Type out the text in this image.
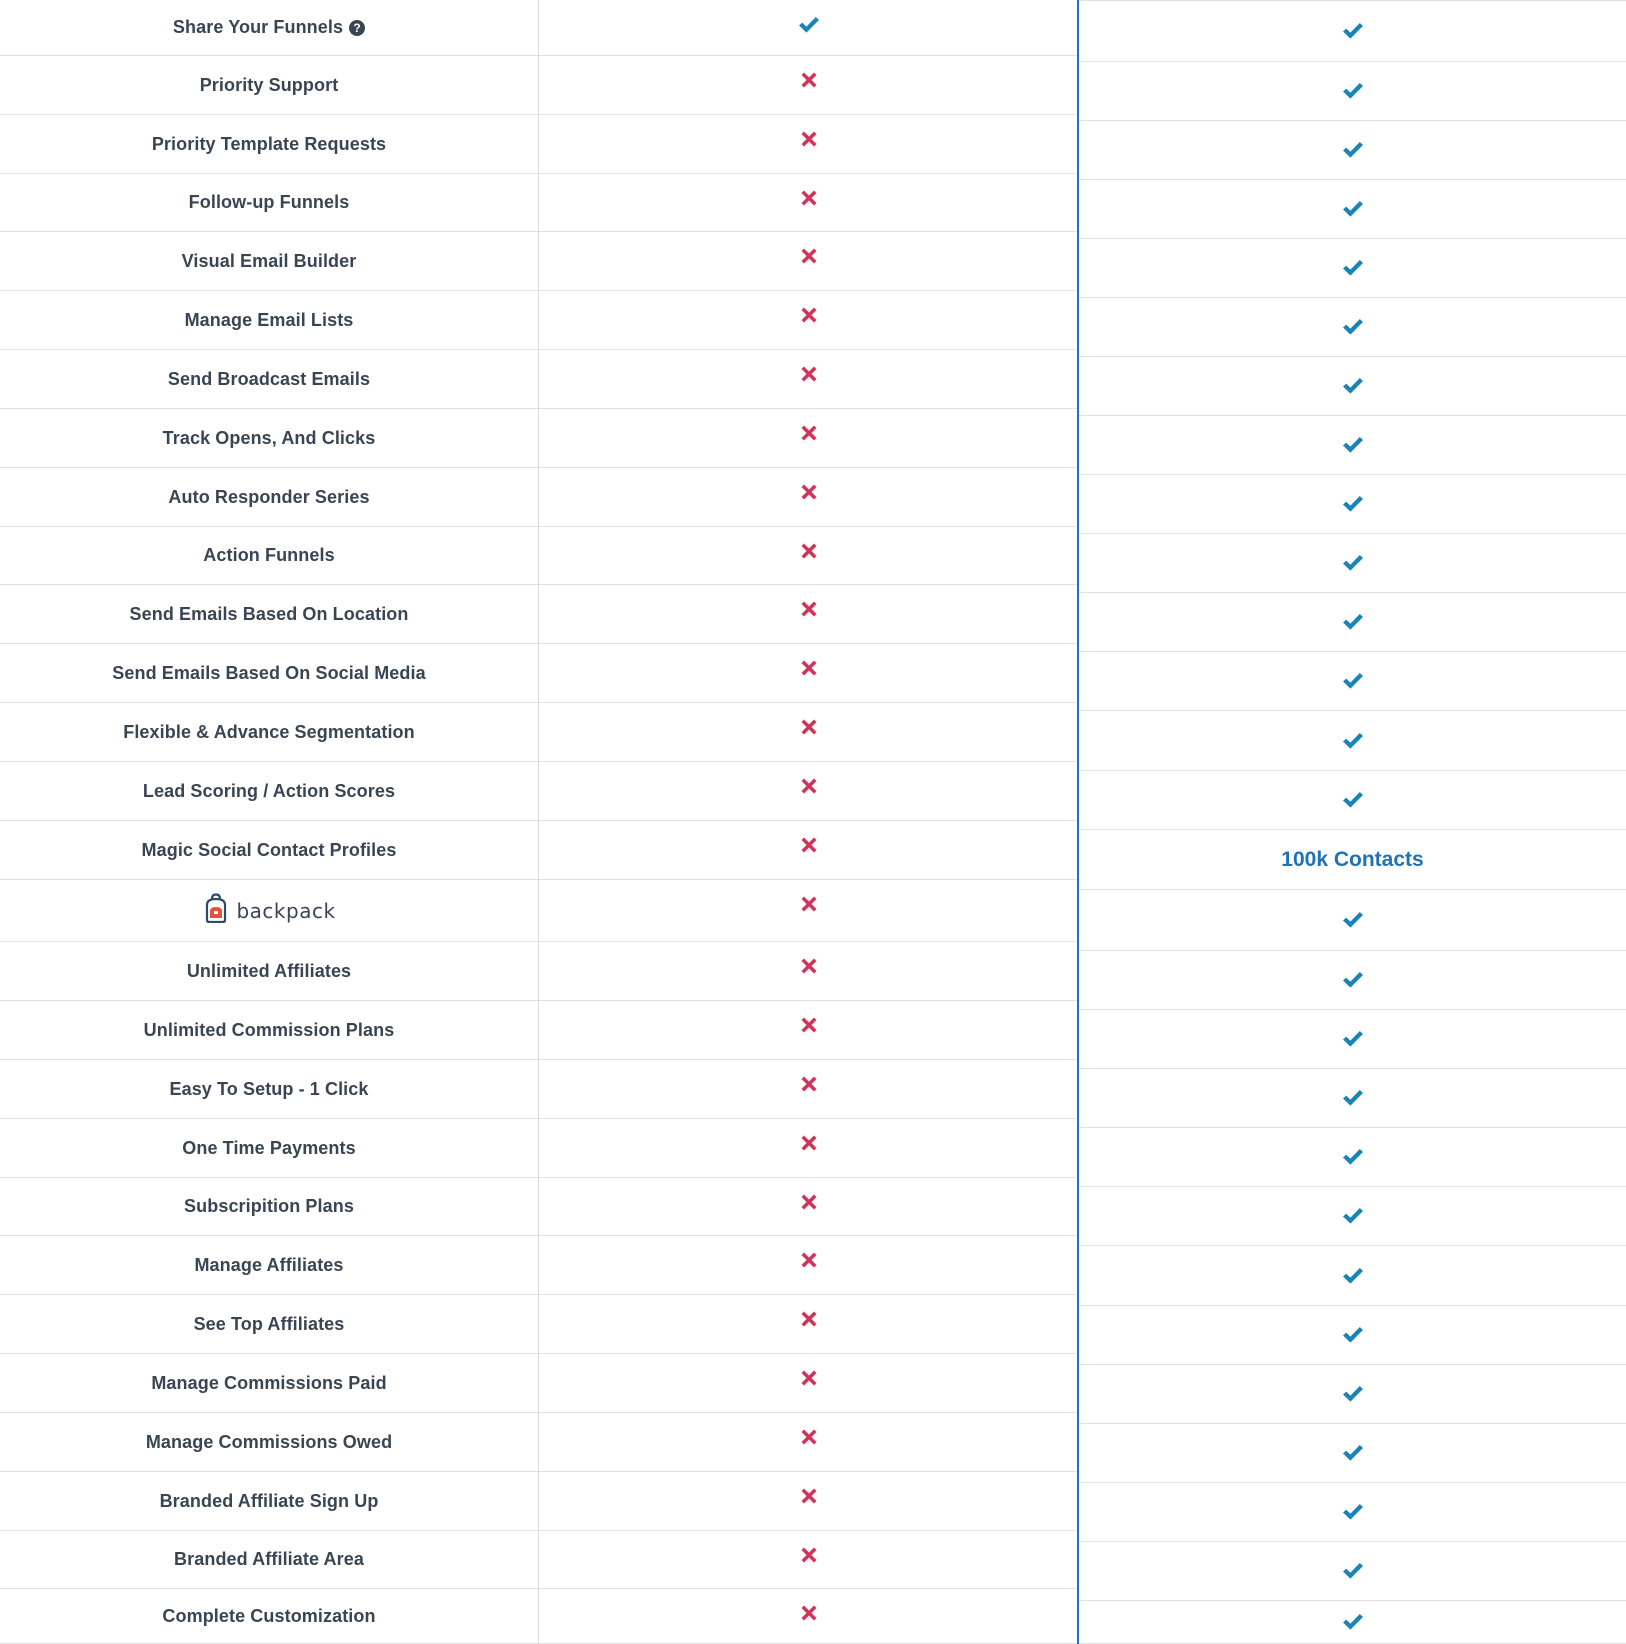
Share Your Funnels ?
Priority Support
Priority Template Requests
Follow-up Funnels
Visual Email Builder
Manage Email Lists
Send Broadcast Emails
Track Opens, And Clicks
Auto Responder Series
Action Funnels
Send Emails Based On Location
Send Emails Based On Social Media
Flexible & Advance Segmentation
Lead Scoring / Action Scores
Magic Social Contact Profiles
backpack
Unlimited Affiliates
Unlimited Commission Plans
Easy To Setup - 1 Click
One Time Payments
Subscripition Plans
Manage Affiliates
See Top Affiliates
Manage Commissions Paid
Manage Commissions Owed
Branded Affiliate Sign Up
Branded Affiliate Area
Complete Customization
100k Contacts
